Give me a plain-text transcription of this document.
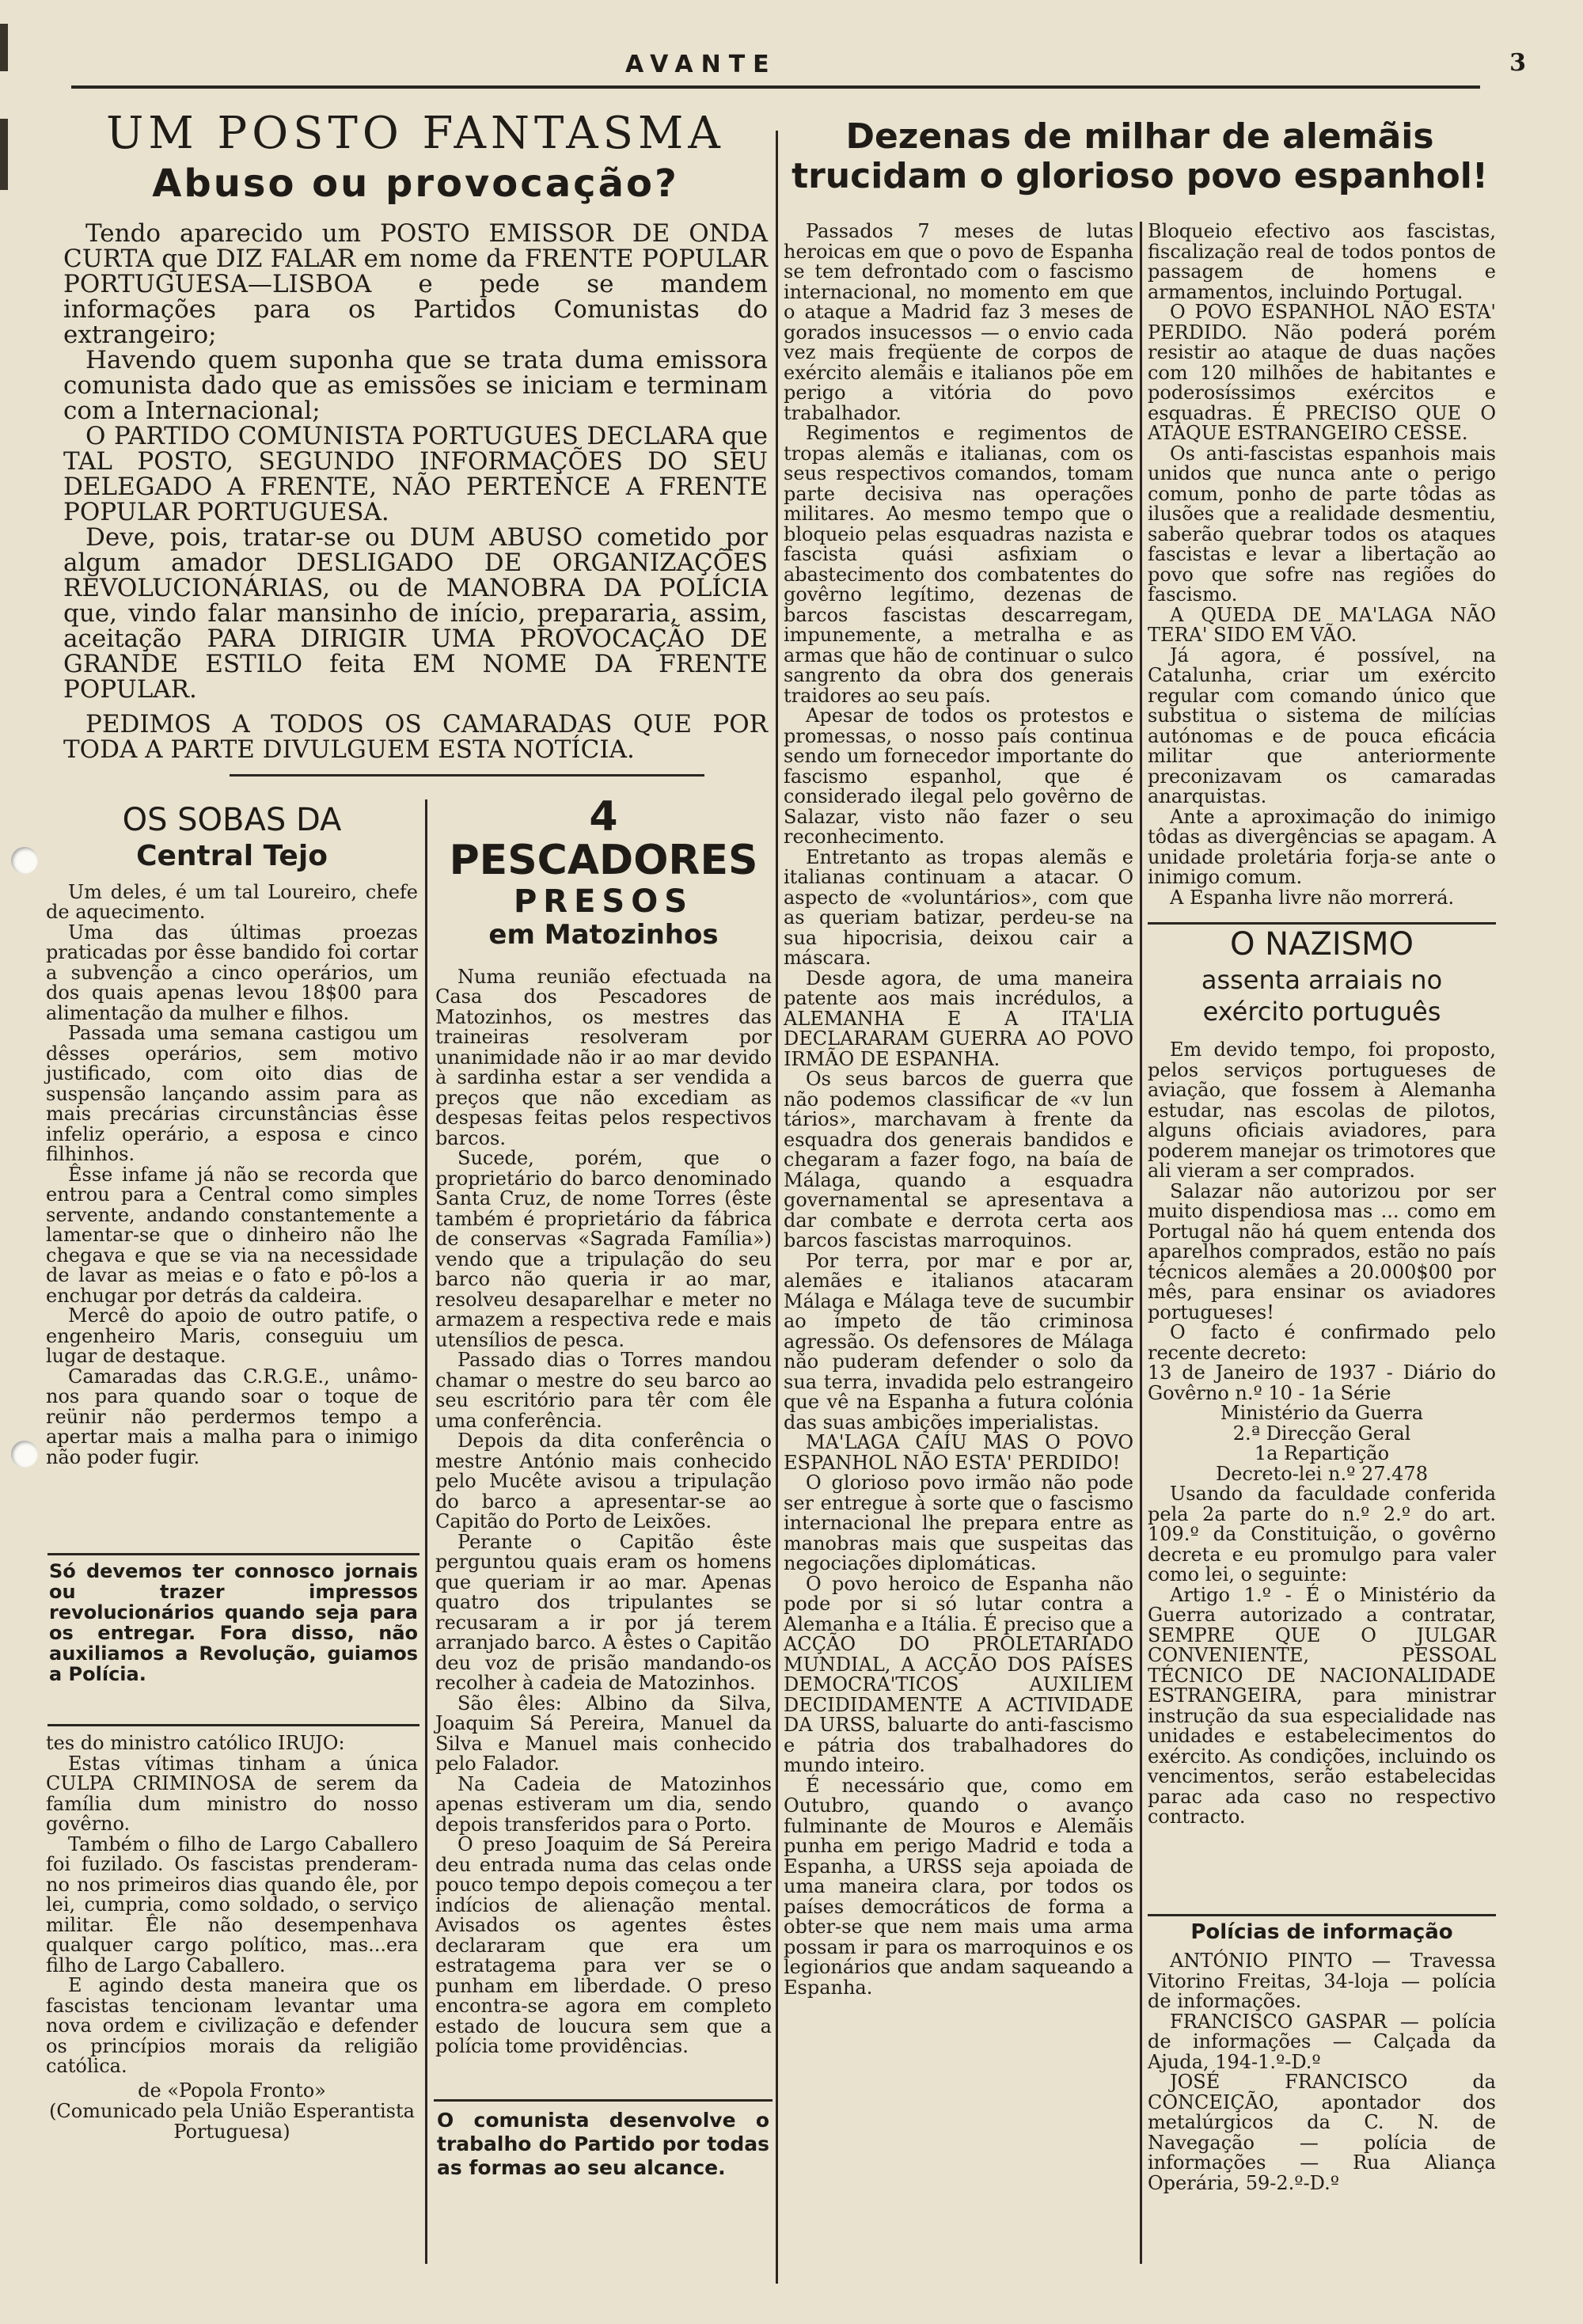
AVANTE	3
UM POSTO FANTASMA
Abuso ou provocação?

Tendo aparecido um POSTO EMISSOR DE ONDA CURTA que DIZ FALAR em nome da FRENTE POPULAR PORTUGUESA—LISBOA e pede se mandem informações para os Partidos Comunistas do extrangeiro;

Havendo quem suponha que se trata duma emissora comunista dado que as emissões se iniciam e terminam com a Internacional;

O PARTIDO COMUNISTA PORTUGUES DECLARA que TAL POSTO, SEGUNDO INFORMAÇÕES DO SEU DELEGADO A FRENTE, NÃO PERTENCE A FRENTE POPULAR PORTUGUESA.

Deve, pois, tratar-se ou DUM ABUSO cometido por algum amador DESLIGADO DE ORGANIZAÇÕES REVOLUCIONÁRIAS, ou de MANOBRA DA POLÍCIA que, vindo falar mansinho de início, prepararia, assim, aceitação PARA DIRIGIR UMA PROVOCAÇÃO DE GRANDE ESTILO feita EM NOME DA FRENTE POPULAR.

PEDIMOS A TODOS OS CAMARADAS QUE POR TODA A PARTE DIVULGUEM ESTA NOTÍCIA.

OS SOBAS DA
Central Tejo

Um deles, é um tal Loureiro, chefe de aquecimento.

Uma das últimas proezas praticadas por êsse bandido foi cortar a subvenção a cinco operários, um dos quais apenas levou 18$00 para alimentação da mulher e filhos.

Passada uma semana castigou um dêsses operários, sem motivo justificado, com oito dias de suspensão lançando assim para as mais precárias circunstâncias êsse infeliz operário, a esposa e cinco filhinhos.

Êsse infame já não se recorda que entrou para a Central como simples servente, andando constantemente a lamentar-se que o dinheiro não lhe chegava e que se via na necessidade de lavar as meias e o fato e pô-los a enchugar por detrás da caldeira.

Mercê do apoio de outro patife, o engenheiro Maris, conseguiu um lugar de destaque.

Camaradas das C.R.G.E., unâmo-nos para quando soar o toque de reünir não perdermos tempo a apertar mais a malha para o inimigo não poder fugir.

Só devemos ter connosco jornais ou trazer impressos revolucionários quando seja para os entregar. Fora disso, não auxiliamos a Revolução, guiamos a Polícia.

tes do ministro católico IRUJO:

Estas vítimas tinham a única CULPA CRIMINOSA de serem da família dum ministro do nosso govêrno.

Também o filho de Largo Caballero foi fuzilado. Os fascistas prenderam-no nos primeiros dias quando êle, por lei, cumpria, como soldado, o serviço militar. Êle não desempenhava qualquer cargo político, mas...era filho de Largo Caballero.

E agindo desta maneira que os fascistas tencionam levantar uma nova ordem e civilização e defender os princípios morais da religião católica.

de «Popola Fronto»
(Comunicado pela União Esperantista Portuguesa)
4 PESCADORES
PRESOS
em Matozinhos

Numa reunião efectuada na Casa dos Pescadores de Matozinhos, os mestres das traineiras resolveram por unanimidade não ir ao mar devido à sardinha estar a ser vendida a preços que não excediam as despesas feitas pelos respectivos barcos.

Sucede, porém, que o proprietário do barco denominado Santa Cruz, de nome Torres (êste também é proprietário da fábrica de conservas «Sagrada Família») vendo que a tripulação do seu barco não queria ir ao mar, resolveu desaparelhar e meter no armazem a respectiva rede e mais utensílios de pesca.

Passado dias o Torres mandou chamar o mestre do seu barco ao seu escritório para têr com êle uma conferência.

Depois da dita conferência o mestre António mais conhecido pelo Mucête avisou a tripulação do barco a apresentar-se ao Capitão do Porto de Leixões.

Perante o Capitão êste perguntou quais eram os homens que queriam ir ao mar. Apenas quatro dos tripulantes se recusaram a ir por já terem arranjado barco. A êstes o Capitão deu voz de prisão mandando-os recolher à cadeia de Matozinhos.

São êles: Albino da Silva, Joaquim Sá Pereira, Manuel da Silva e Manuel mais conhecido pelo Falador.

Na Cadeia de Matozinhos apenas estiveram um dia, sendo depois transferidos para o Porto.

O preso Joaquim de Sá Pereira deu entrada numa das celas onde pouco tempo depois começou a ter indícios de alienação mental. Avisados os agentes êstes declararam que era um estratagema para ver se o punham em liberdade. O preso encontra-se agora em completo estado de loucura sem que a polícia tome providências.

O comunista desenvolve o trabalho do Partido por todas as formas ao seu alcance.
Dezenas de milhar de alemãis
trucidam o glorioso povo espanhol!

Passados 7 meses de lutas heroicas em que o povo de Espanha se tem defrontado com o fascismo internacional, no momento em que o ataque a Madrid faz 3 meses de gorados insucessos — o envio cada vez mais freqüente de corpos de exército alemãis e italianos põe em perigo a vitória do povo trabalhador.

Regimentos e regimentos de tropas alemãs e italianas, com os seus respectivos comandos, tomam parte decisiva nas operações militares. Ao mesmo tempo que o bloqueio pelas esquadras nazista e fascista quási asfixiam o abastecimento dos combatentes do govêrno legítimo, dezenas de barcos fascistas descarregam, impunemente, a metralha e as armas que hão de continuar o sulco sangrento da obra dos generais traidores ao seu país.

Apesar de todos os protestos e promessas, o nosso país continua sendo um fornecedor importante do fascismo espanhol, que é considerado ilegal pelo govêrno de Salazar, visto não fazer o seu reconhecimento.

Entretanto as tropas alemãs e italianas continuam a atacar. O aspecto de «voluntários», com que as queriam batizar, perdeu-se na sua hipocrisia, deixou cair a máscara.

Desde agora, de uma maneira patente aos mais incrédulos, a ALEMANHA E A ITA'LIA DECLARARAM GUERRA AO POVO IRMÃO DE ESPANHA.

Os seus barcos de guerra que não podemos classificar de «v lun tários», marchavam à frente da esquadra dos generais bandidos e chegaram a fazer fogo, na baía de Málaga, quando a esquadra governamental se apresentava a dar combate e derrota certa aos barcos fascistas marroquinos.

Por terra, por mar e por ar, alemães e italianos atacaram Málaga e Málaga teve de sucumbir ao ímpeto de tão criminosa agressão. Os defensores de Málaga não puderam defender o solo da sua terra, invadida pelo estrangeiro que vê na Espanha a futura colónia das suas ambições imperialistas.

MA'LAGA CAÍU MAS O POVO ESPANHOL NÃO ESTA' PERDIDO!

O glorioso povo irmão não pode ser entregue à sorte que o fascismo internacional lhe prepara entre as manobras mais que suspeitas das negociações diplomáticas.

O povo heroico de Espanha não pode por si só lutar contra a Alemanha e a Itália. É preciso que a ACÇÃO DO PROLETARIADO MUNDIAL, A ACÇÃO DOS PAÍSES DEMOCRA'TICOS AUXILIEM DECIDIDAMENTE A ACTIVIDADE DA URSS, baluarte do anti-fascismo e pátria dos trabalhadores do mundo inteiro.

É necessário que, como em Outubro, quando o avanço fulminante de Mouros e Alemãis punha em perigo Madrid e toda a Espanha, a URSS seja apoiada de uma maneira clara, por todos os países democráticos de forma a obter-se que nem mais uma arma possam ir para os marroquinos e os legionários que andam saqueando a Espanha.

Bloqueio efectivo aos fascistas, fiscalização real de todos pontos de passagem de homens e armamentos, incluindo Portugal.

O POVO ESPANHOL NÃO ESTA' PERDIDO. Não poderá porém resistir ao ataque de duas nações com 120 milhões de habitantes e poderosíssimos exércitos e esquadras. É PRECISO QUE O ATAQUE ESTRANGEIRO CESSE.

Os anti-fascistas espanhois mais unidos que nunca ante o perigo comum, ponho de parte tôdas as ilusões que a realidade desmentiu, saberão quebrar todos os ataques fascistas e levar a libertação ao povo que sofre nas regiões do fascismo.

A QUEDA DE MA'LAGA NÃO TERA' SIDO EM VÃO.

Já agora, é possível, na Catalunha, criar um exército regular com comando único que substitua o sistema de milícias autónomas e de pouca eficácia militar que anteriormente preconizavam os camaradas anarquistas.

Ante a aproximação do inimigo tôdas as divergências se apagam. A unidade proletária forja-se ante o inimigo comum.

A Espanha livre não morrerá.

O NAZISMO
assenta arraiais no exército português

Em devido tempo, foi proposto, pelos serviços portugueses de aviação, que fossem à Alemanha estudar, nas escolas de pilotos, alguns oficiais aviadores, para poderem manejar os trimotores que ali vieram a ser comprados.

Salazar não autorizou por ser muito dispendiosa mas ... como em Portugal não há quem entenda dos aparelhos comprados, estão no país técnicos alemães a 20.000$00 por mês, para ensinar os aviadores portugueses!

O facto é confirmado pelo recente decreto:

13 de Janeiro de 1937 - Diário do Govêrno n.º 10 - 1a Série

Ministério da Guerra

2.ª Direcção Geral

1a Repartição

Decreto-lei n.º 27.478

Usando da faculdade conferida pela 2a parte do n.º 2.º do art. 109.º da Constituição, o govêrno decreta e eu promulgo para valer como lei, o seguinte:

Artigo 1.º - É o Ministério da Guerra autorizado a contratar, SEMPRE QUE O JULGAR CONVENIENTE, PESSOAL TÉCNICO DE NACIONALIDADE ESTRANGEIRA, para ministrar instrução da sua especialidade nas unidades e estabelecimentos do exército. As condições, incluindo os vencimentos, serão estabelecidas parac ada caso no respectivo contracto.

Polícias de informação

ANTÓNIO PINTO — Travessa Vitorino Freitas, 34-loja — polícia de informações.

FRANCISCO GASPAR — polícia de informações — Calçada da Ajuda, 194-1.º-D.º

JOSÉ FRANCISCO da CONCEIÇÃO, apontador dos metalúrgicos da C. N. de Navegação — polícia de informações — Rua Aliança Operária, 59-2.º-D.º
